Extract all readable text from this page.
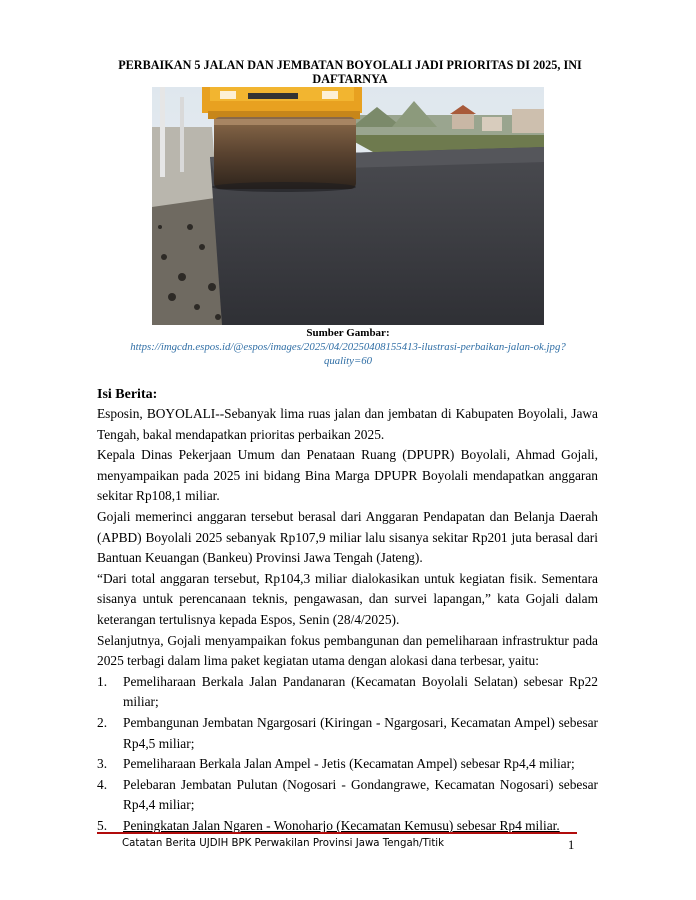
PERBAIKAN 5 JALAN DAN JEMBATAN BOYOLALI JADI PRIORITAS DI 2025, INI DAFTARNYA
Sumber Gambar:
https://imgcdn.espos.id/@espos/images/2025/04/20250408155413-ilustrasi-perbaikan-jalan-ok.jpg?quality=60
Isi Berita:

Esposin, BOYOLALI--Sebanyak lima ruas jalan dan jembatan di Kabupaten Boyolali, Jawa Tengah, bakal mendapatkan prioritas perbaikan 2025.

Kepala Dinas Pekerjaan Umum dan Penataan Ruang (DPUPR) Boyolali, Ahmad Gojali, menyampaikan pada 2025 ini bidang Bina Marga DPUPR Boyolali mendapatkan anggaran sekitar Rp108,1 miliar.

Gojali memerinci anggaran tersebut berasal dari Anggaran Pendapatan dan Belanja Daerah (APBD) Boyolali 2025 sebanyak Rp107,9 miliar lalu sisanya sekitar Rp201 juta berasal dari Bantuan Keuangan (Bankeu) Provinsi Jawa Tengah (Jateng).

“Dari total anggaran tersebut, Rp104,3 miliar dialokasikan untuk kegiatan fisik. Sementara sisanya untuk perencanaan teknis, pengawasan, dan survei lapangan,” kata Gojali dalam keterangan tertulisnya kepada Espos, Senin (28/4/2025).

Selanjutnya, Gojali menyampaikan fokus pembangunan dan pemeliharaan infrastruktur pada 2025 terbagi dalam lima paket kegiatan utama dengan alokasi dana terbesar, yaitu:

1. Pemeliharaan Berkala Jalan Pandanaran (Kecamatan Boyolali Selatan) sebesar Rp22 miliar;
2. Pembangunan Jembatan Ngargosari (Kiringan - Ngargosari, Kecamatan Ampel) sebesar Rp4,5 miliar;
3. Pemeliharaan Berkala Jalan Ampel - Jetis (Kecamatan Ampel) sebesar Rp4,4 miliar;
4. Pelebaran Jembatan Pulutan (Nogosari - Gondangrawe, Kecamatan Nogosari) sebesar Rp4,4 miliar;
5. Peningkatan Jalan Ngaren - Wonoharjo (Kecamatan Kemusu) sebesar Rp4 miliar.
Catatan Berita UJDIH BPK Perwakilan Provinsi Jawa Tengah/Titik	1
